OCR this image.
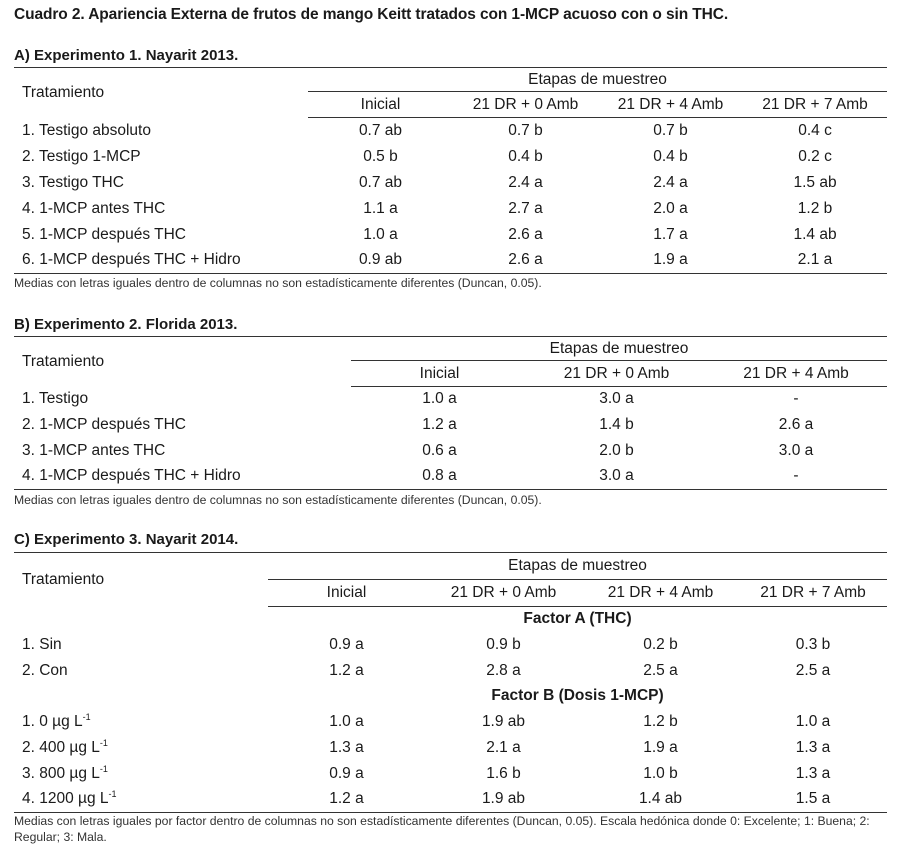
Cuadro 2. Apariencia Externa de frutos de mango Keitt tratados con 1-MCP acuoso con o sin THC.
A) Experimento 1. Nayarit 2013.
Tratamiento	Etapas de muestreo			
	Inicial	21 DR + 0 Amb	21 DR + 4 Amb	21 DR + 7 Amb
1. Testigo absoluto	0.7 ab	0.7 b	0.7 b	0.4 c
2. Testigo 1-MCP	0.5 b	0.4 b	0.4 b	0.2 c
3. Testigo THC	0.7 ab	2.4 a	2.4 a	1.5 ab
4. 1-MCP antes THC	1.1 a	2.7 a	2.0 a	1.2 b
5. 1-MCP después THC	1.0 a	2.6 a	1.7 a	1.4 ab
6. 1-MCP después THC + Hidro	0.9 ab	2.6 a	1.9 a	2.1 a
Medias con letras iguales dentro de columnas no son estadísticamente diferentes (Duncan, 0.05).
B) Experimento 2. Florida 2013.
Tratamiento	Etapas de muestreo		
	Inicial	21 DR + 0 Amb	21 DR + 4 Amb
1. Testigo	1.0 a	3.0 a	-
2. 1-MCP después THC	1.2 a	1.4 b	2.6 a
3. 1-MCP antes THC	0.6 a	2.0 b	3.0 a
4. 1-MCP después THC + Hidro	0.8 a	3.0 a	-
Medias con letras iguales dentro de columnas no son estadísticamente diferentes (Duncan, 0.05).
C) Experimento 3. Nayarit 2014.
Tratamiento	Etapas de muestreo			
	Inicial	21 DR + 0 Amb	21 DR + 4 Amb	21 DR + 7 Amb
	Factor A (THC)			
1. Sin	0.9 a	0.9 b	0.2 b	0.3 b
2. Con	1.2 a	2.8 a	2.5 a	2.5 a
	Factor B (Dosis 1-MCP)			
1. 0 µg $L^{-1}$	1.0 a	1.9 ab	1.2 b	1.0 a
2. 400 µg $L^{-1}$	1.3 a	2.1 a	1.9 a	1.3 a
3. 800 µg $L^{-1}$	0.9 a	1.6 b	1.0 b	1.3 a
4. 1200 µg $L^{-1}$	1.2 a	1.9 ab	1.4 ab	1.5 a
Medias con letras iguales por factor dentro de columnas no son estadísticamente diferentes (Duncan, 0.05). Escala hedónica donde 0: Excelente; 1: Buena; 2: Regular; 3: Mala.
